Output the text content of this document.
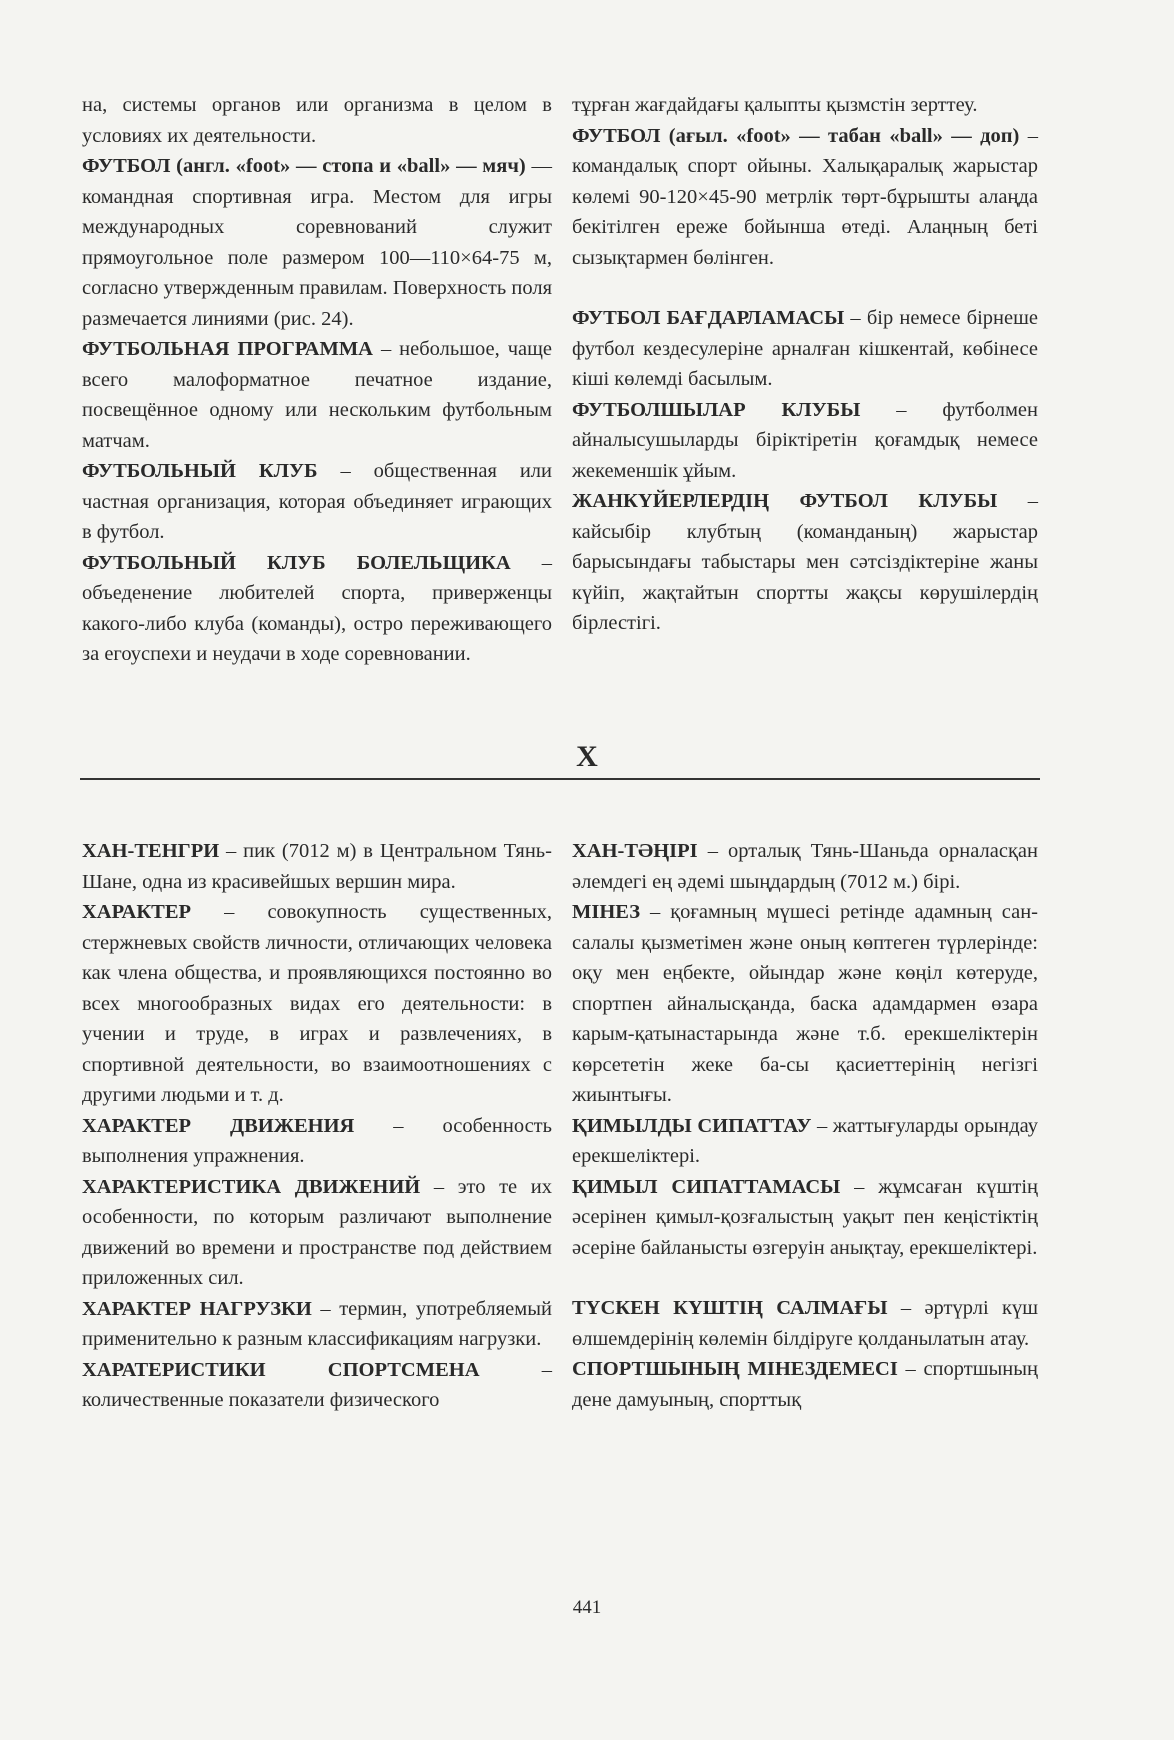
на, системы органов или организма в целом в условиях их деятельности.

ФУТБОЛ (англ. «foot» — стопа и «ball» — мяч) — командная спортивная игра. Местом для игры международных соревнований служит прямоугольное поле размером 100—110×64-75 м, согласно утвержденным правилам. Поверхность поля размечается линиями (рис. 24).

ФУТБОЛЬНАЯ ПРОГРАММА – небольшое, чаще всего малоформатное печатное издание, посвещённое одному или нескольким футбольным матчам.

ФУТБОЛЬНЫЙ КЛУБ – общественная или частная организация, которая объединяет играющих в футбол.

ФУТБОЛЬНЫЙ КЛУБ БОЛЕЛЬЩИКА – объеденение любителей спорта, приверженцы какого-либо клуба (команды), остро переживающего за егоуспехи и неудачи в ходе соревновании.

тұрған жағдайдағы қалыпты қызмстін зерттеу.

ФУТБОЛ (ағыл. «foot» — табан «ball» — доп) – командалық спорт ойыны. Халықаралық жарыстар көлемі 90-120×45-90 метрлік төрт-бұрышты алаңда бекітілген ереже бойынша өтеді. Алаңның беті сызықтармен бөлінген.

ФУТБОЛ БАҒДАРЛАМАСЫ – бір немесе бірнеше футбол кездесулеріне арналған кішкентай, көбінесе кіші көлемді басылым.

ФУТБОЛШЫЛАР КЛУБЫ – футболмен айналысушыларды біріктіретін қоғамдық немесе жекеменшік ұйым.

ЖАНКҮЙЕРЛЕРДІҢ ФУТБОЛ КЛУБЫ – кайсыбір клубтың (команданың) жарыстар барысындағы табыстары мен сәтсіздіктеріне жаны күйіп, жақтайтын спортты жақсы көрушілердің бірлестігі.

Х

ХАН-ТЕНГРИ – пик (7012 м) в Центральном Тянь-Шане, одна из красивейшых вершин мира.

ХАРАКТЕР – совокупность существенных, стержневых свойств личности, отличающих человека как члена общества, и проявляющихся постоянно во всех многообразных видах его деятельности: в учении и труде, в играх и развлечениях, в спортивной деятельности, во взаимоотношениях с другими людьми и т. д.

ХАРАКТЕР ДВИЖЕНИЯ – особенность выполнения упражнения.

ХАРАКТЕРИСТИКА ДВИЖЕНИЙ – это те их особенности, по которым различают выполнение движений во времени и пространстве под действием приложенных сил.

ХАРАКТЕР НАГРУЗКИ – термин, употребляемый применительно к разным классификациям нагрузки.

ХАРАТЕРИСТИКИ СПОРТСМЕНА – количественные показатели физического

ХАН-ТӘҢІРІ – орталық Тянь-Шаньда орналасқан әлемдегі ең әдемі шыңдардың (7012 м.) бірі.

МІНЕЗ – қоғамның мүшесі ретінде адамның сан-салалы қызметімен және оның көптеген түрлерінде: оқу мен еңбекте, ойындар және көңіл көтеруде, спортпен айналысқанда, баска адамдармен өзара карым-қатынастарында және т.б. ерекшеліктерін көрсететін жеке ба-сы қасиеттерінің негізгі жиынтығы.

ҚИМЫЛДЫ СИПАТТАУ – жаттығуларды орындау ерекшеліктері.

ҚИМЫЛ СИПАТТАМАСЫ – жұмсаған күштің әсерінен қимыл-қозғалыстың уақыт пен кеңістіктің әсеріне байланысты өзгеруін анықтау, ерекшеліктері.

ТҮСКЕН КҮШТІҢ САЛМАҒЫ – әртүрлі күш өлшемдерінің көлемін білдіруге қолданылатын атау.

СПОРТШЫНЫҢ МІНЕЗДЕМЕСІ – спортшының дене дамуының, спорттық

441
